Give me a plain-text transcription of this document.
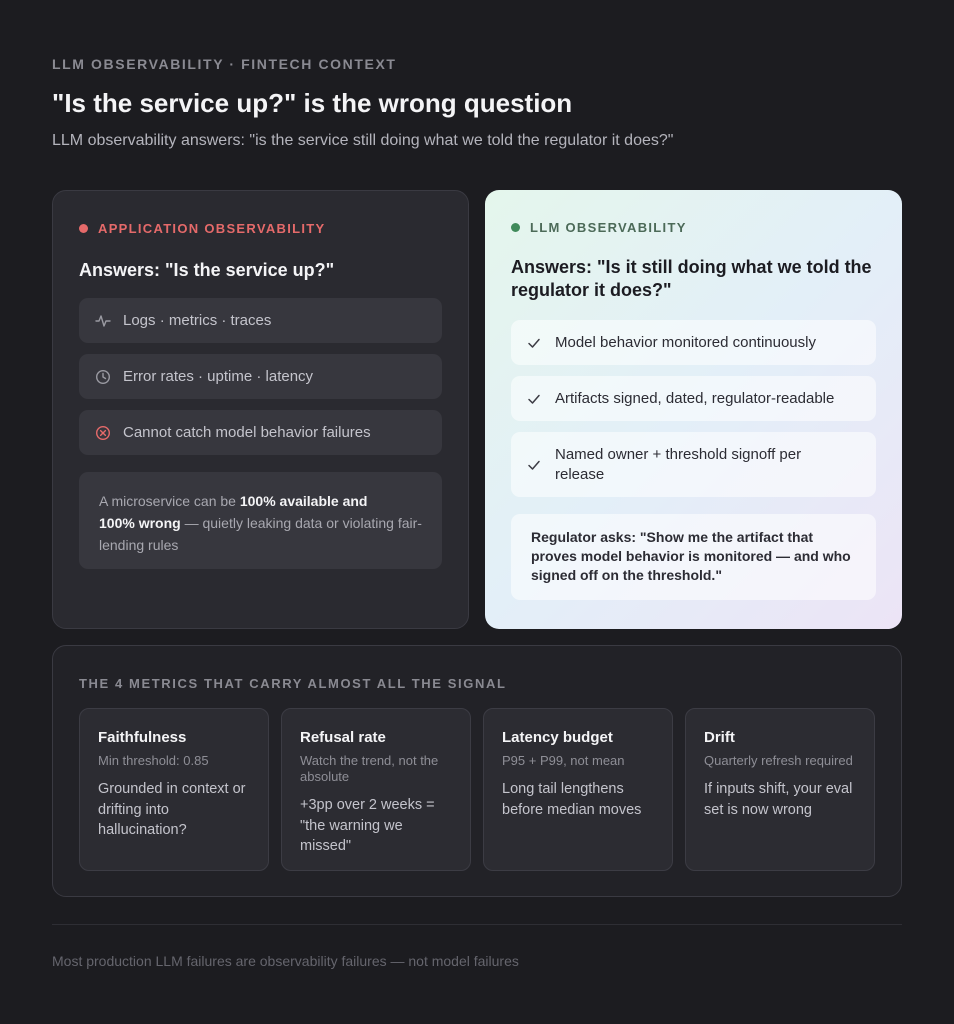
LLM OBSERVABILITY · FINTECH CONTEXT
"Is the service up?" is the wrong question

LLM observability answers: "is the service still doing what we told the regulator it does?"

APPLICATION OBSERVABILITY
Answers: "Is the service up?"
Logs · metrics · traces
Error rates · uptime · latency
Cannot catch model behavior failures
A microservice can be 100% available and
100% wrong — quietly leaking data or violating fair-lending rules
LLM OBSERVABILITY
Answers: "Is it still doing what we told the regulator it does?"
Model behavior monitored continuously
Artifacts signed, dated, regulator-readable
Named owner + threshold signoff per release
Regulator asks: "Show me the artifact that proves model behavior is monitored — and who signed off on the threshold."
THE 4 METRICS THAT CARRY ALMOST ALL THE SIGNAL
Faithfulness
Min threshold: 0.85
Grounded in context or drifting into hallucination?
Refusal rate
Watch the trend, not the absolute
+3pp over 2 weeks = "the warning we missed"
Latency budget
P95 + P99, not mean
Long tail lengthens before median moves
Drift
Quarterly refresh required
If inputs shift, your eval set is now wrong

Most production LLM failures are observability failures — not model failures
